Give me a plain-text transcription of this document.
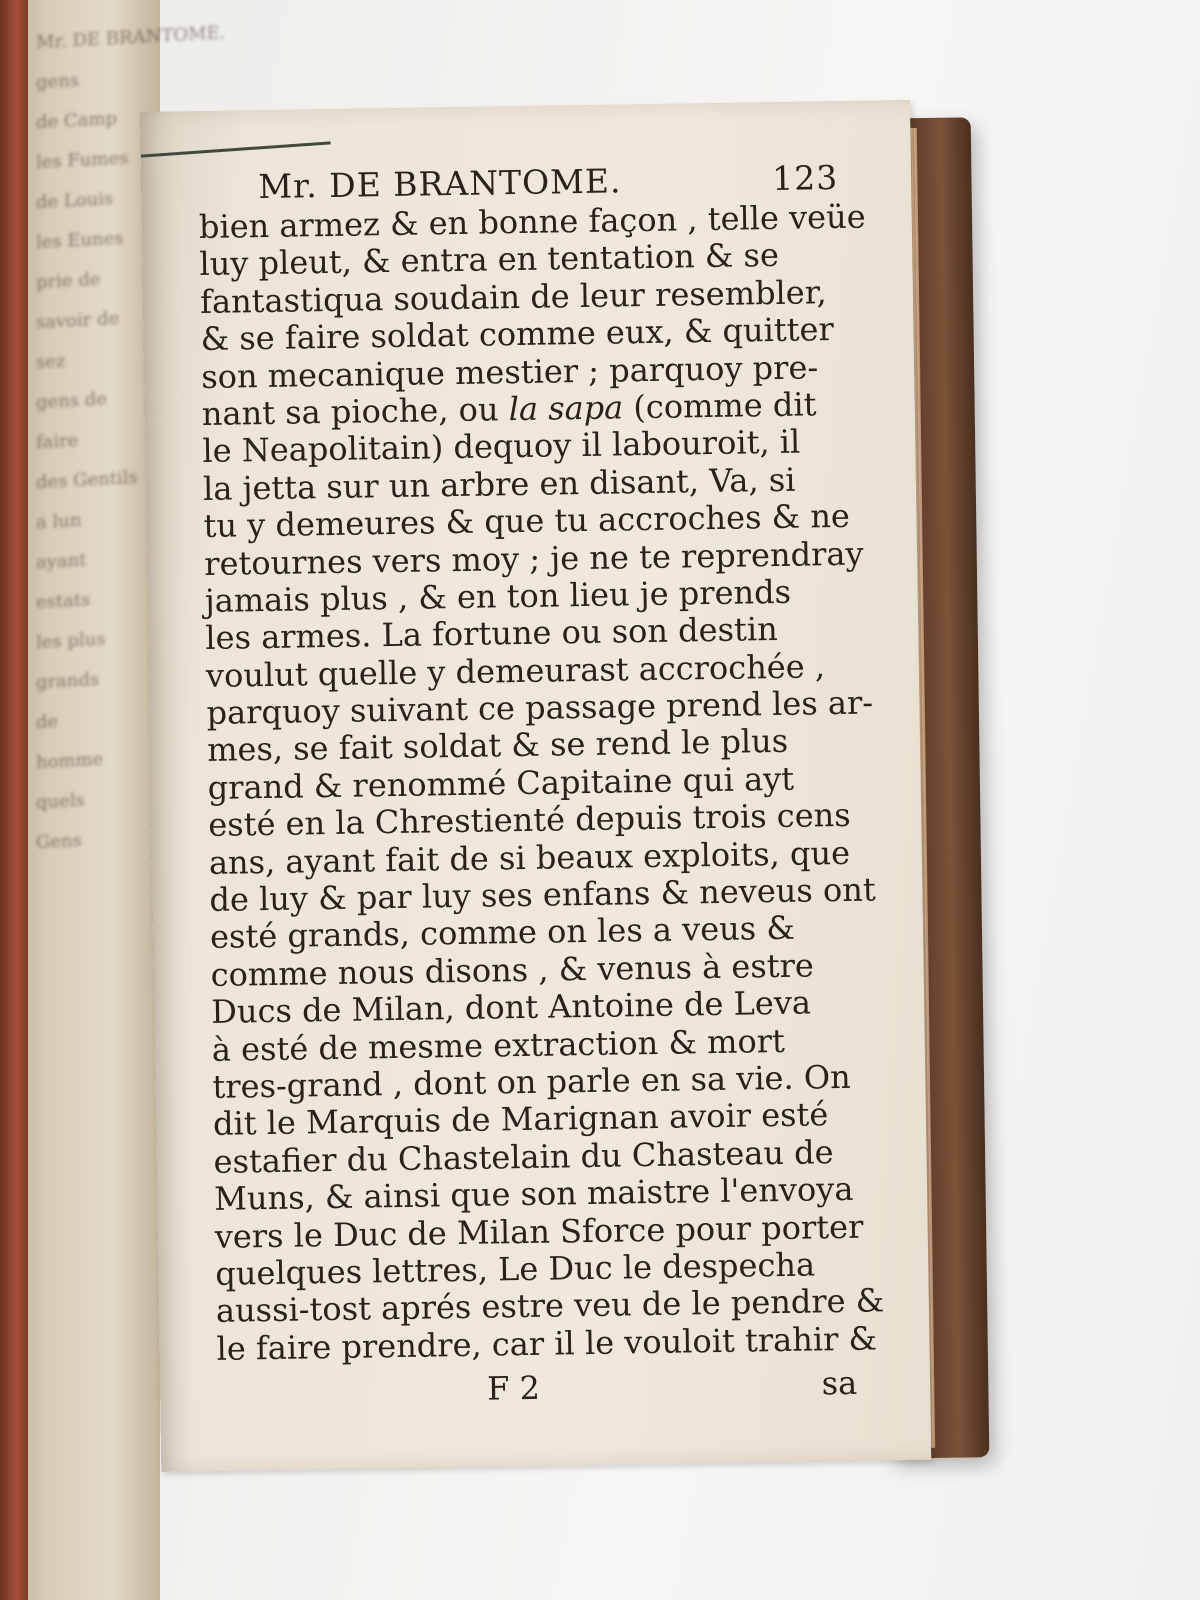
Mr. DE BRANTOME.
gens
de Camp
les Fumes
de Louis
les Eunes
prie de
savoir de
sez
gens de
faire
des Gentils
a lun
ayant
estats
les plus
grands
de
homme
quels
Gens
Mr. DE BRANTOME.	123
bien armez & en bonne façon , telle veüe
luy pleut, & entra en tentation & se
fantastiqua soudain de leur resembler,
& se faire soldat comme eux, & quitter
son mecanique mestier ; parquoy pre-
nant sa pioche, ou la sapa (comme dit
le Neapolitain) dequoy il labouroit, il
la jetta sur un arbre en disant, Va, si
tu y demeures & que tu accroches & ne
retournes vers moy ; je ne te reprendray
jamais plus , & en ton lieu je prends
les armes. La fortune ou son destin
voulut quelle y demeurast accrochée ,
parquoy suivant ce passage prend les ar-
mes, se fait soldat & se rend le plus
grand & renommé Capitaine qui ayt
esté en la Chrestienté depuis trois cens
ans, ayant fait de si beaux exploits, que
de luy & par luy ses enfans & neveus ont
esté grands, comme on les a veus &
comme nous disons , & venus à estre
Ducs de Milan, dont Antoine de Leva
à esté de mesme extraction & mort
tres-grand , dont on parle en sa vie. On
dit le Marquis de Marignan avoir esté
estafier du Chastelain du Chasteau de
Muns, & ainsi que son maistre l'envoya
vers le Duc de Milan Sforce pour porter
quelques lettres, Le Duc le despecha
aussi-tost aprés estre veu de le pendre &
le faire prendre, car il le vouloit trahir &
F 2	sa
